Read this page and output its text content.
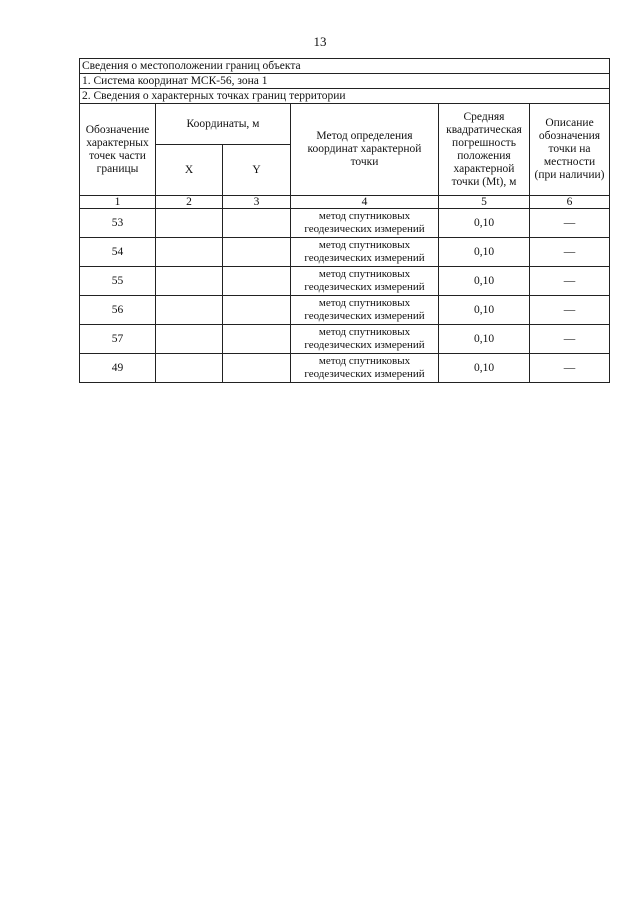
13
Сведения о местоположении границ объекта					
1. Система координат МСК-56, зона 1					
2. Сведения о характерных точках границ территории					
Обозначение характерных точек части границы	Координаты, м		Метод определения координат характерной точки	Средняя квадратическая погрешность положения характерной точки (Mt), м	Описание обозначения точки на местности (при наличии)
	X	Y			
1	2	3	4	5	6
53			метод спутниковых геодезических измерений	0,10	—
54			метод спутниковых геодезических измерений	0,10	—
55			метод спутниковых геодезических измерений	0,10	—
56			метод спутниковых геодезических измерений	0,10	—
57			метод спутниковых геодезических измерений	0,10	—
49			метод спутниковых геодезических измерений	0,10	—
